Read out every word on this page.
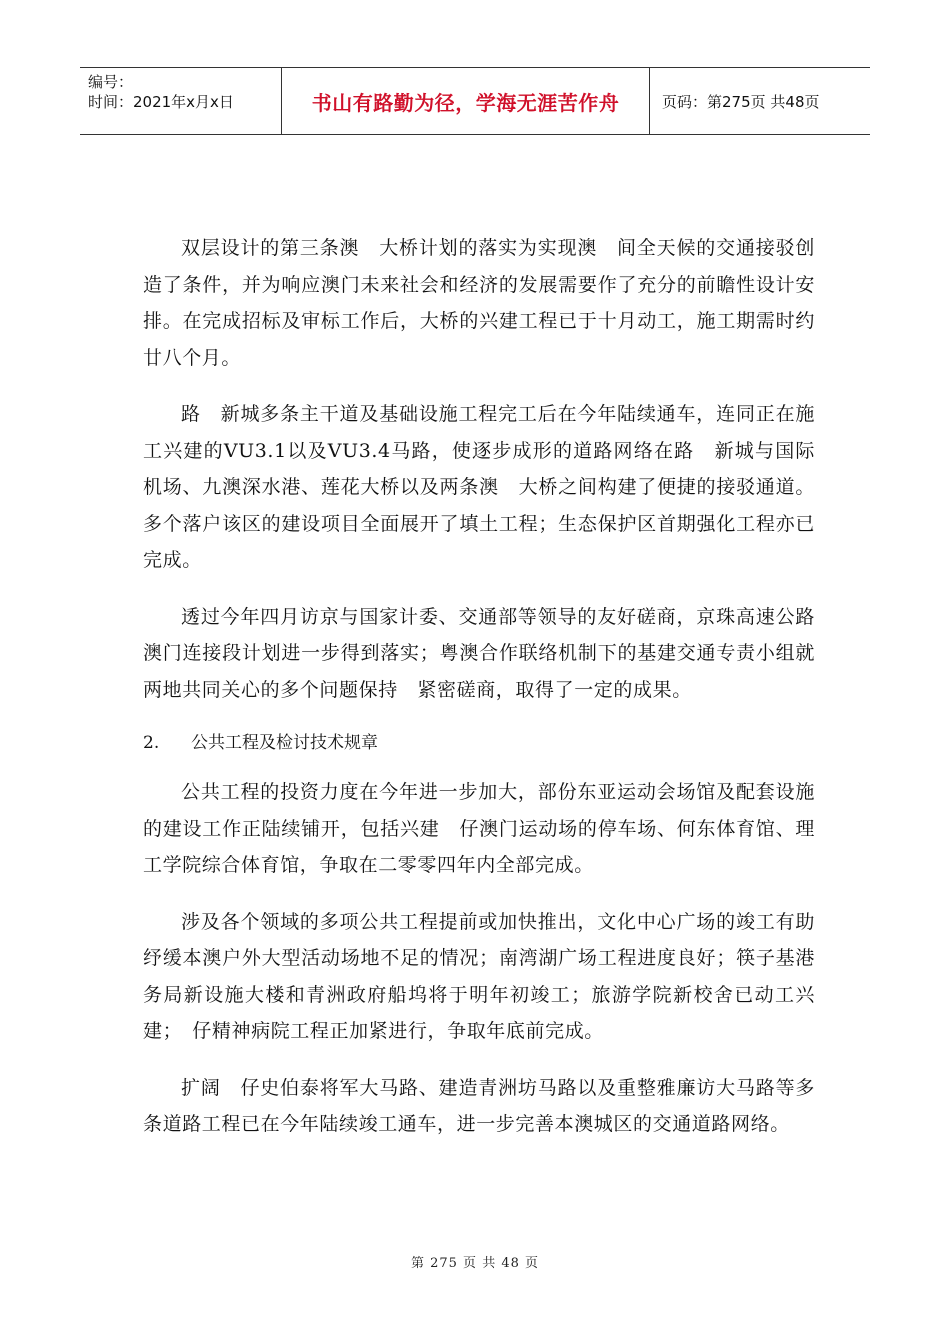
编号：
时间：2021年x月x日	书山有路勤为径，学海无涯苦作舟	页码：第275页 共48页

双层设计的第三条澳　大桥计划的落实为实现澳　间全天候的交通接驳创造了条件，并为响应澳门未来社会和经济的发展需要作了充分的前瞻性设计安排。在完成招标及审标工作后，大桥的兴建工程已于十月动工，施工期需时约廿八个月。

路　新城多条主干道及基础设施工程完工后在今年陆续通车，连同正在施工兴建的VU3.1以及VU3.4马路，使逐步成形的道路网络在路　新城与国际机场、九澳深水港、莲花大桥以及两条澳　大桥之间构建了便捷的接驳通道。多个落户该区的建设项目全面展开了填土工程；生态保护区首期强化工程亦已完成。

透过今年四月访京与国家计委、交通部等领导的友好磋商，京珠高速公路澳门连接段计划进一步得到落实；粤澳合作联络机制下的基建交通专责小组就两地共同关心的多个问题保持　紧密磋商，取得了一定的成果。

2.	公共工程及检讨技术规章

公共工程的投资力度在今年进一步加大，部份东亚运动会场馆及配套设施的建设工作正陆续铺开，包括兴建　仔澳门运动场的停车场、何东体育馆、理工学院综合体育馆，争取在二零零四年内全部完成。

涉及各个领域的多项公共工程提前或加快推出，文化中心广场的竣工有助纾缓本澳户外大型活动场地不足的情况；南湾湖广场工程进度良好；筷子基港务局新设施大楼和青洲政府船坞将于明年初竣工；旅游学院新校舍已动工兴建；　仔精神病院工程正加紧进行，争取年底前完成。

扩阔　仔史伯泰将军大马路、建造青洲坊马路以及重整雅廉访大马路等多条道路工程已在今年陆续竣工通车，进一步完善本澳城区的交通道路网络。

第 275 页 共 48 页
